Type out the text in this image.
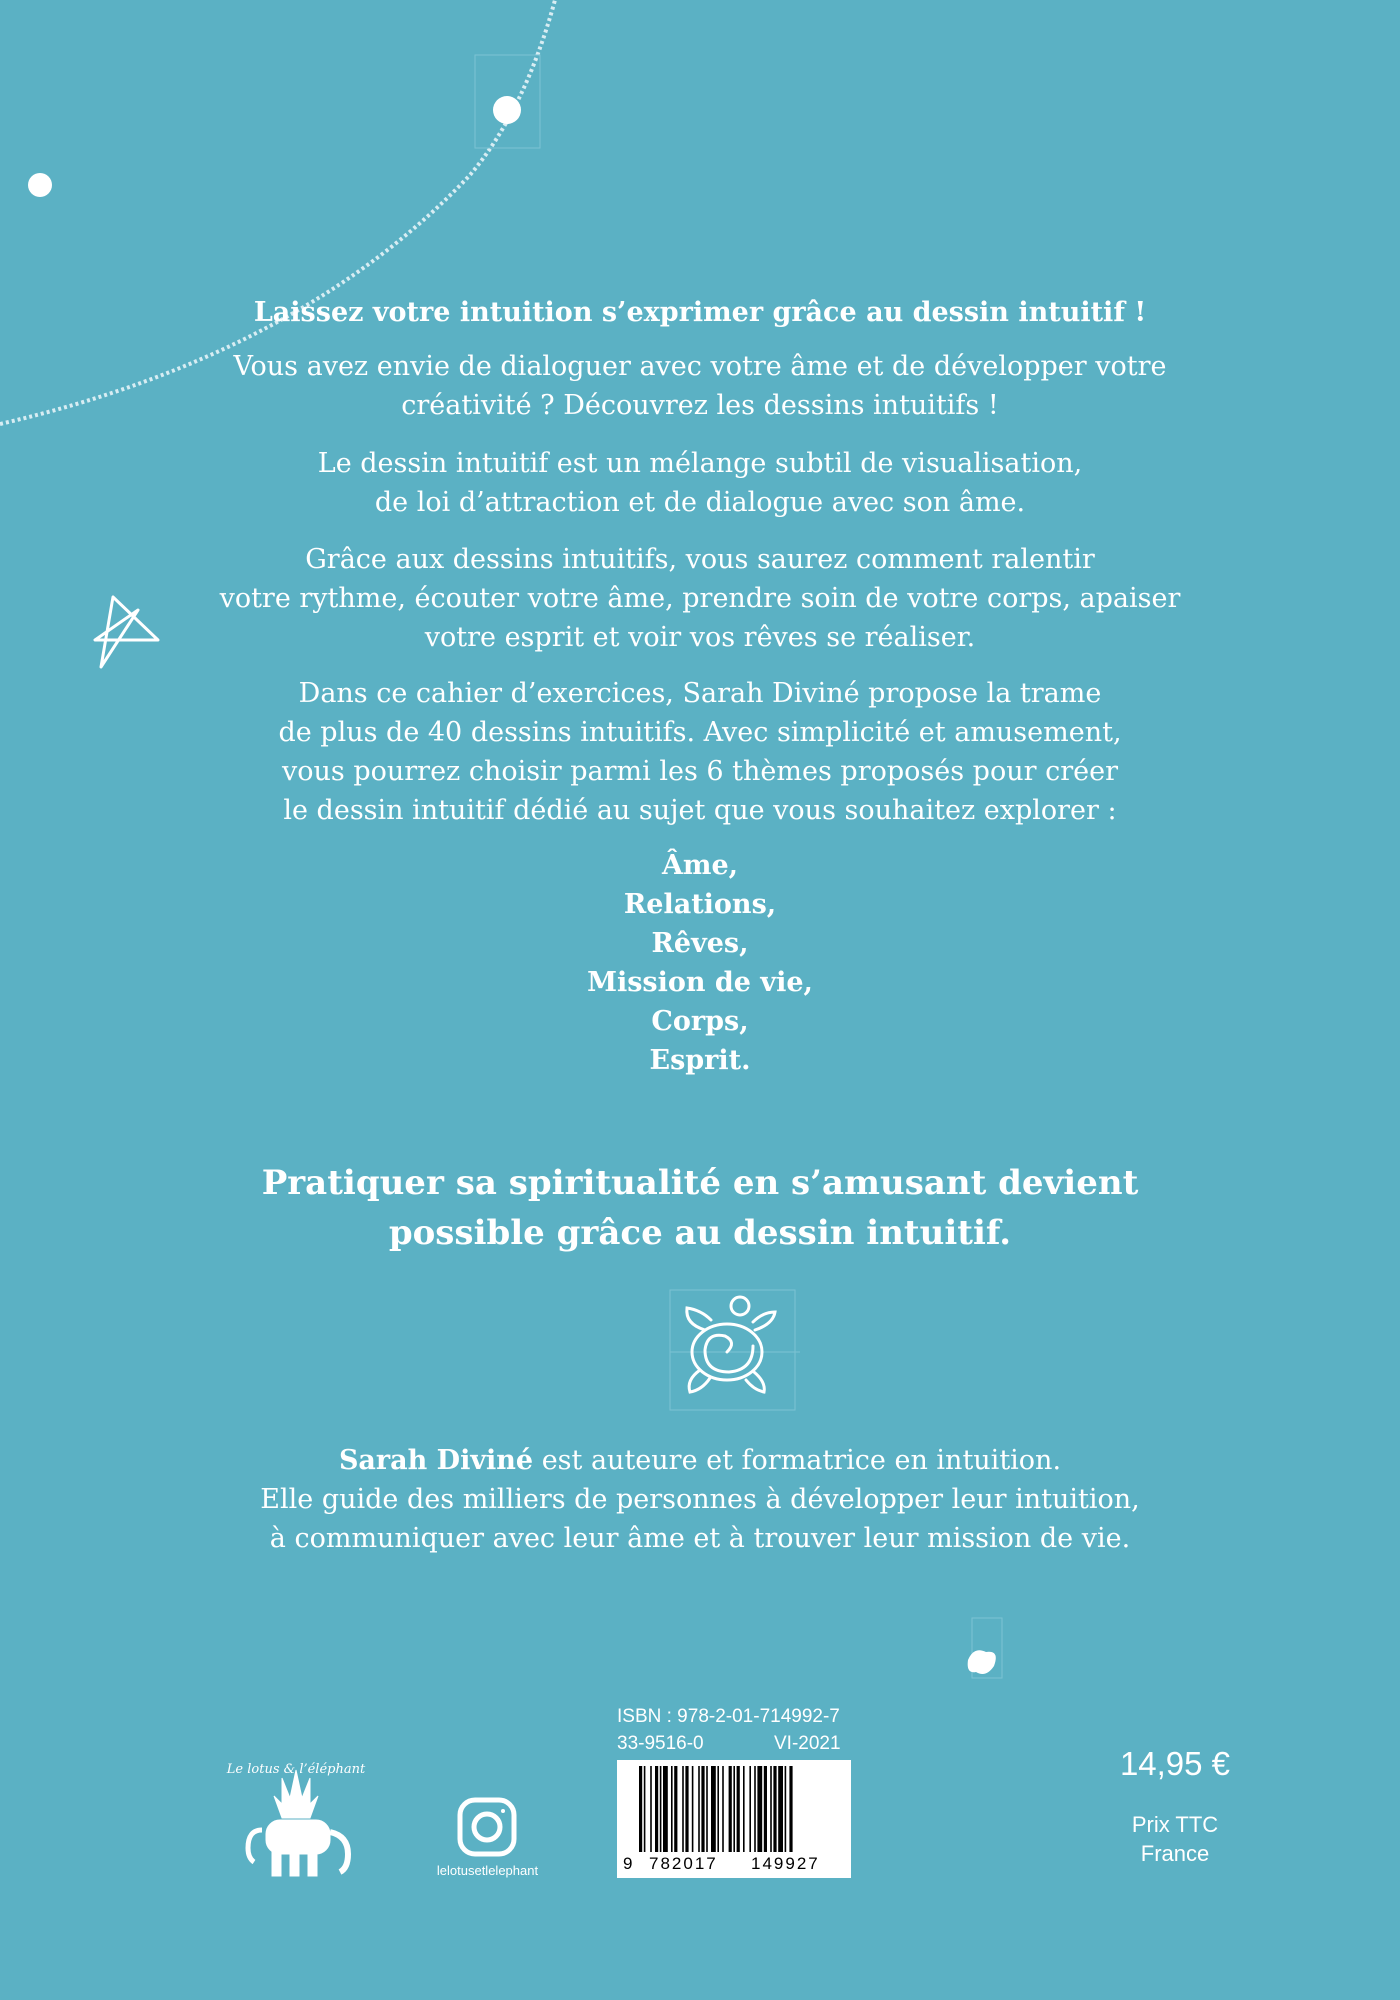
Le lotus & l’éléphant
Laissez votre intuition s’exprimer grâce au dessin intuitif !

Vous avez envie de dialoguer avec votre âme et de développer votre

créativité ? Découvrez les dessins intuitifs !

Le dessin intuitif est un mélange subtil de visualisation,

de loi d’attraction et de dialogue avec son âme.

Grâce aux dessins intuitifs, vous saurez comment ralentir

votre rythme, écouter votre âme, prendre soin de votre corps, apaiser

votre esprit et voir vos rêves se réaliser.

Dans ce cahier d’exercices, Sarah Diviné propose la trame

de plus de 40 dessins intuitifs. Avec simplicité et amusement,

vous pourrez choisir parmi les 6 thèmes proposés pour créer

le dessin intuitif dédié au sujet que vous souhaitez explorer :

Âme,

Relations,

Rêves,

Mission de vie,

Corps,

Esprit.

Pratiquer sa spiritualité en s’amusant devient
possible grâce au dessin intuitif.

Sarah Diviné est auteure et formatrice en intuition.

Elle guide des milliers de personnes à développer leur intuition,

à communiquer avec leur âme et à trouver leur mission de vie.

lelotusetlelephant
ISBN : 978-2-01-714992-7
33-9516-0	VI-2021
9 782017 149927
14,95 €
Prix TTC
France
